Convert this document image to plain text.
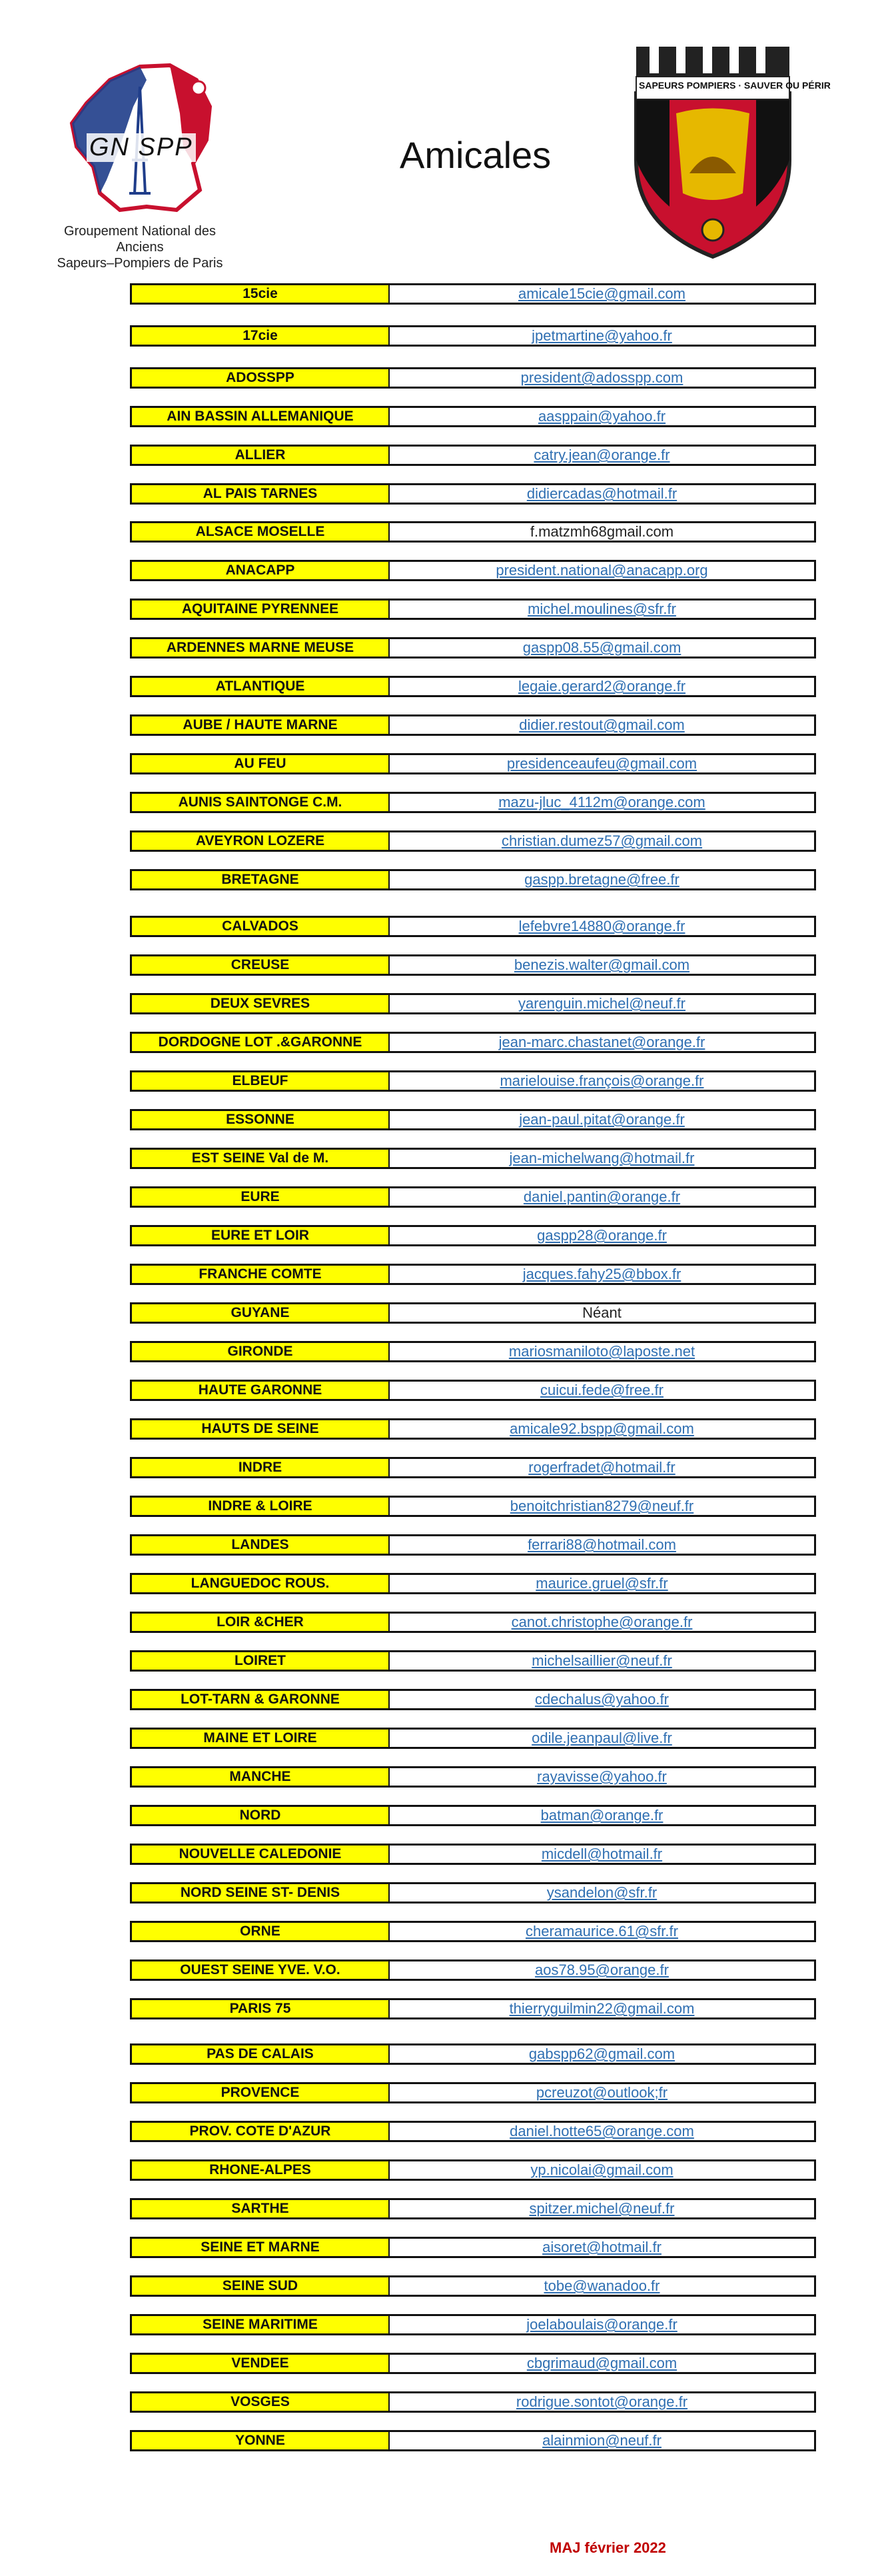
GN SPP
Groupement National des Anciens
Sapeurs–Pompiers de Paris
Amicales
SAPEURS POMPIERS · SAUVER OU PÉRIR
15cie	amicale15cie@gmail.com
17cie	jpetmartine@yahoo.fr
ADOSSPP	president@adosspp.com
AIN BASSIN ALLEMANIQUE	aasppain@yahoo.fr
ALLIER	catry.jean@orange.fr
AL PAIS TARNES	didiercadas@hotmail.fr
ALSACE MOSELLE	f.matzmh68gmail.com
ANACAPP	president.national@anacapp.org
AQUITAINE PYRENNEE	michel.moulines@sfr.fr
ARDENNES MARNE MEUSE	gaspp08.55@gmail.com
ATLANTIQUE	legaie.gerard2@orange.fr
AUBE / HAUTE MARNE	didier.restout@gmail.com
AU FEU	presidenceaufeu@gmail.com
AUNIS SAINTONGE C.M.	mazu-jluc_4112m@orange.com
AVEYRON LOZERE	christian.dumez57@gmail.com
BRETAGNE	gaspp.bretagne@free.fr
CALVADOS	lefebvre14880@orange.fr
CREUSE	benezis.walter@gmail.com
DEUX SEVRES	yarenguin.michel@neuf.fr
DORDOGNE LOT .&GARONNE	jean-marc.chastanet@orange.fr
ELBEUF	marielouise.françois@orange.fr
ESSONNE	jean-paul.pitat@orange.fr
EST SEINE Val de M.	jean-michelwang@hotmail.fr
EURE	daniel.pantin@orange.fr
EURE ET LOIR	gaspp28@orange.fr
FRANCHE COMTE	jacques.fahy25@bbox.fr
GUYANE	Néant
GIRONDE	mariosmaniloto@laposte.net
HAUTE GARONNE	cuicui.fede@free.fr
HAUTS DE SEINE	amicale92.bspp@gmail.com
INDRE	rogerfradet@hotmail.fr
INDRE & LOIRE	benoitchristian8279@neuf.fr
LANDES	ferrari88@hotmail.com
LANGUEDOC ROUS.	maurice.gruel@sfr.fr
LOIR &CHER	canot.christophe@orange.fr
LOIRET	michelsaillier@neuf.fr
LOT-TARN & GARONNE	cdechalus@yahoo.fr
MAINE ET LOIRE	odile.jeanpaul@live.fr
MANCHE	rayavisse@yahoo.fr
NORD	batman@orange.fr
NOUVELLE CALEDONIE	micdell@hotmail.fr
NORD SEINE ST- DENIS	ysandelon@sfr.fr
ORNE	cheramaurice.61@sfr.fr
OUEST SEINE YVE. V.O.	aos78.95@orange.fr
PARIS 75	thierryguilmin22@gmail.com
PAS DE CALAIS	gabspp62@gmail.com
PROVENCE	pcreuzot@outlook;fr
PROV. COTE D'AZUR	daniel.hotte65@orange.com
RHONE-ALPES	yp.nicolai@gmail.com
SARTHE	spitzer.michel@neuf.fr
SEINE ET MARNE	aisoret@hotmail.fr
SEINE SUD	tobe@wanadoo.fr
SEINE MARITIME	joelaboulais@orange.fr
VENDEE	cbgrimaud@gmail.com
VOSGES	rodrigue.sontot@orange.fr
YONNE	alainmion@neuf.fr
MAJ février 2022
